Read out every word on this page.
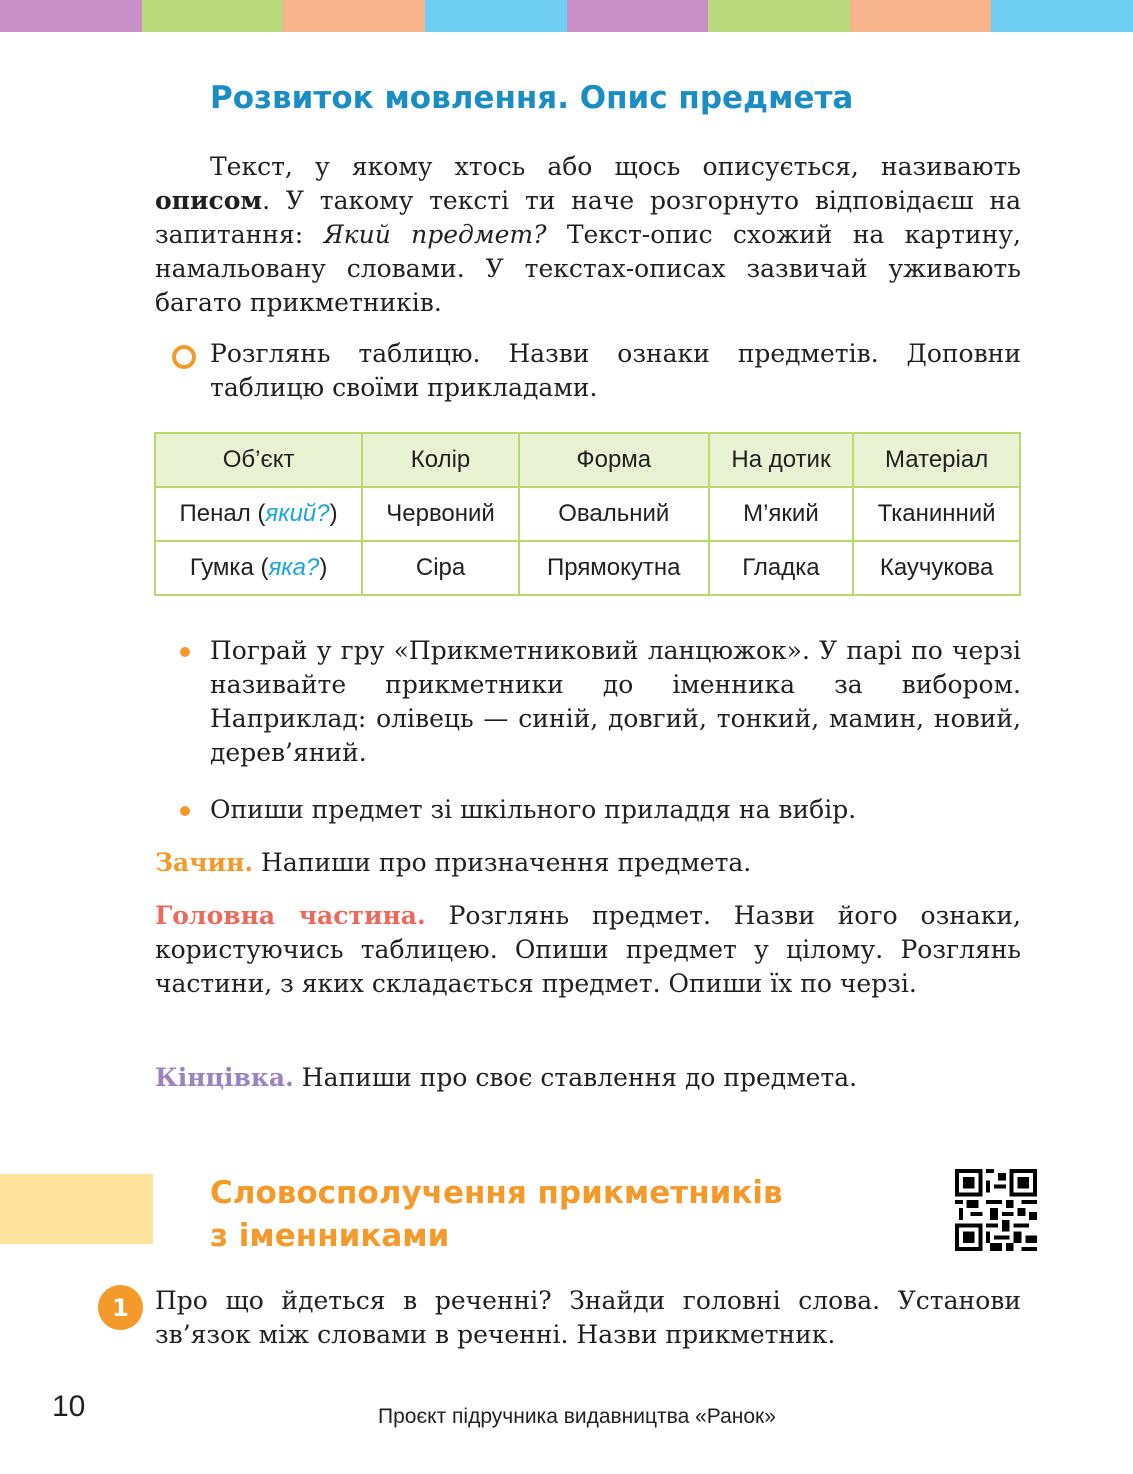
Розвиток мовлення. Опис предмета

Текст, у якому хтось або щось описується, називають описом. У такому тексті ти наче розгорнуто відповідаєш на запитання: Який предмет? Текст-опис схожий на картину, намальовану словами. У текстах-описах зазвичай уживають багато прикметників.

Розглянь таблицю. Назви ознаки предметів. Доповни таблицю своїми прикладами.

Об’єкт	Колір	Форма	На дотик	Матеріал
Пенал (який?)	Червоний	Овальний	М’який	Тканинний
Гумка (яка?)	Сіра	Прямокутна	Гладка	Каучукова

Пограй у гру «Прикметниковий ланцюжок». У парі по черзі називайте прикметники до іменника за вибором. Наприклад: олівець — синій, довгий, тонкий, мамин, новий, дерев’яний.

Опиши предмет зі шкільного приладдя на вибір.

Зачин. Напиши про призначення предмета.

Головна частина. Розглянь предмет. Назви його ознаки, користуючись таблицею. Опиши предмет у цілому. Розглянь частини, з яких складається предмет. Опиши їх по черзі.

Кінцівка. Напиши про своє ставлення до предмета.

Словосполучення прикметників
з іменниками
1	Про що йдеться в реченні? Знайди головні слова. Установи зв’язок між словами в реченні. Назви прикметник.

10	Проєкт підручника видавництва «Ранок»
